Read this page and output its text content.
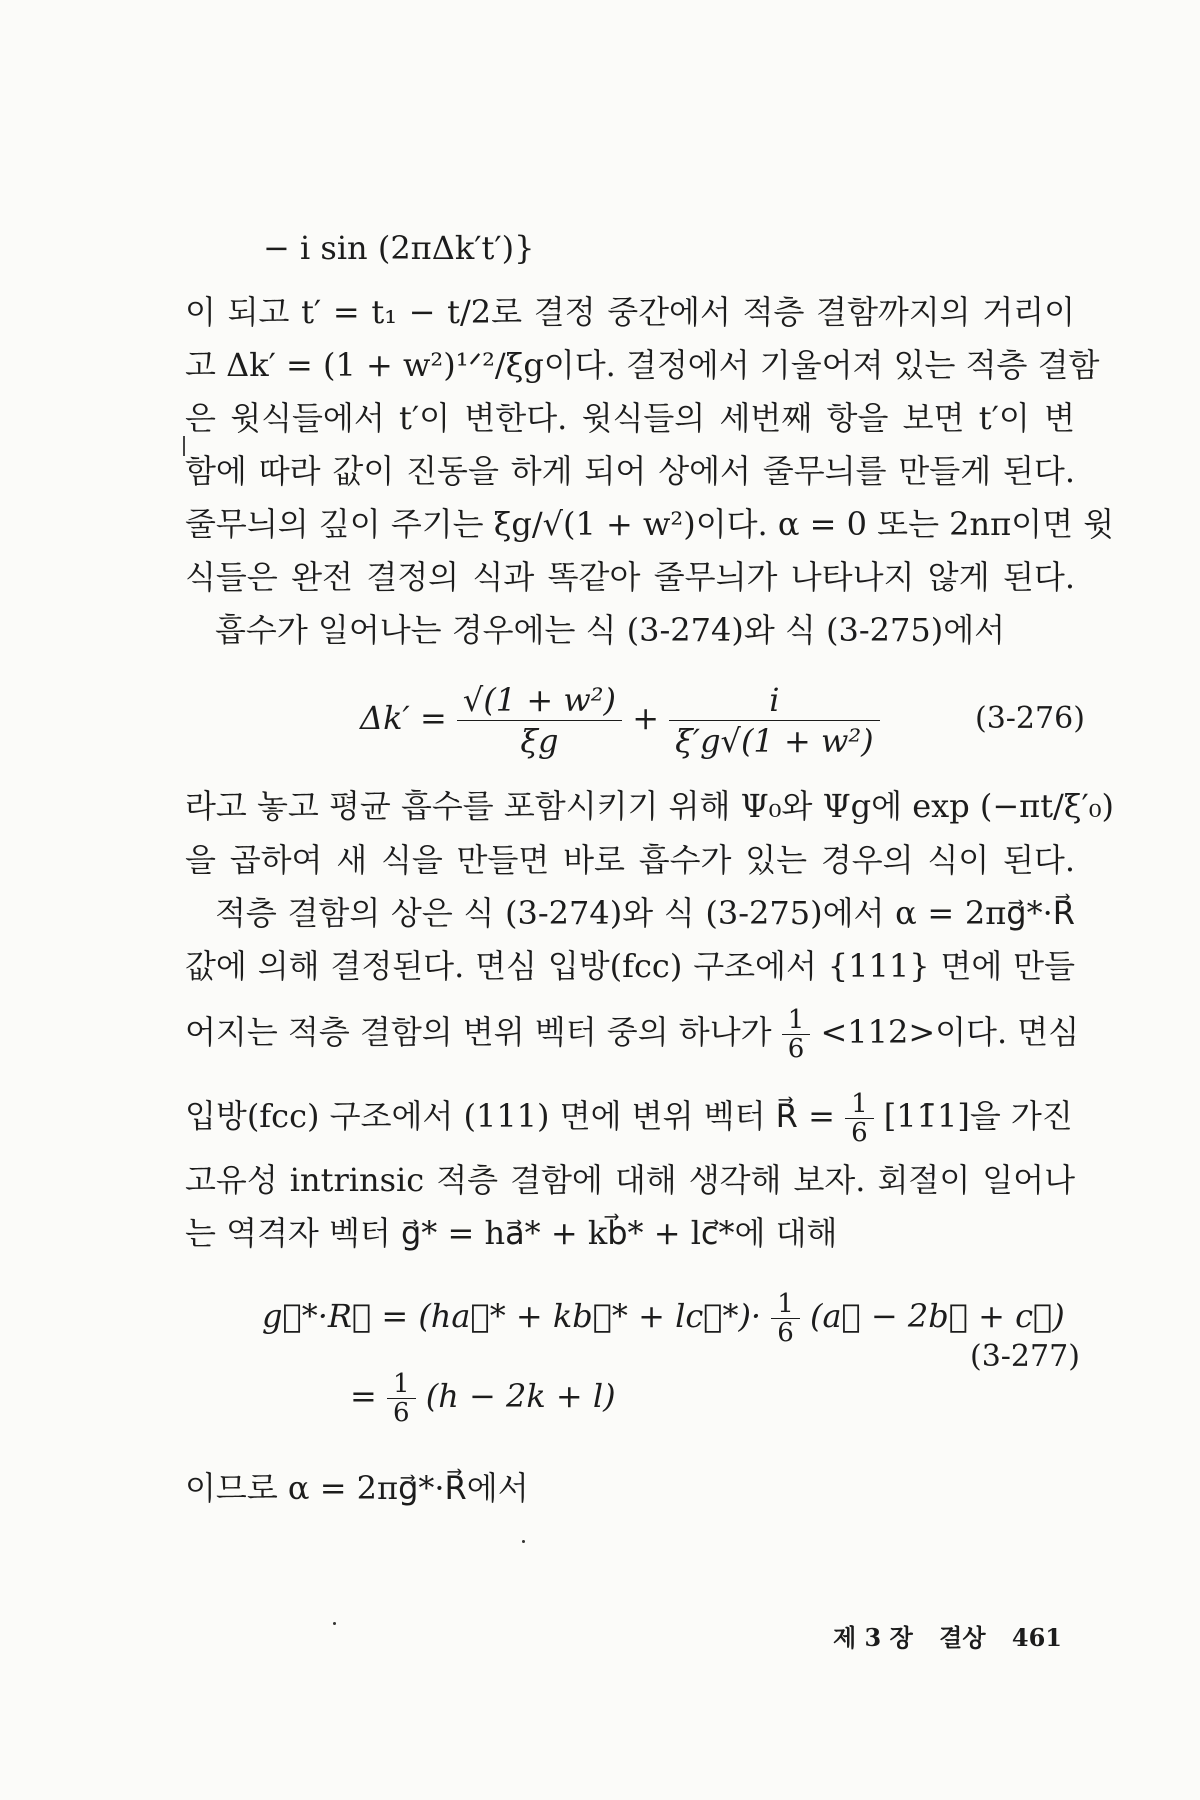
− i sin (2πΔk′t′)}
이 되고 t′ = t₁ − t/2로 결정 중간에서 적층 결함까지의 거리이
고 Δk′ = (1 + w²)¹ᐟ²/ξg이다. 결정에서 기울어져 있는 적층 결함
은 윗식들에서 t′이 변한다. 윗식들의 세번째 항을 보면 t′이 변
함에 따라 값이 진동을 하게 되어 상에서 줄무늬를 만들게 된다.
줄무늬의 깊이 주기는 ξg/√(1 + w²)이다. α = 0 또는 2nπ이면 윗
식들은 완전 결정의 식과 똑같아 줄무늬가 나타나지 않게 된다.
흡수가 일어나는 경우에는 식 (3-274)와 식 (3-275)에서
$\Delta k' = \frac{\text{√(1 + w²)}}{\xi g} + \frac{i}{\text{ξ′g√(1 + w²)}}$	(3-276)
라고 놓고 평균 흡수를 포함시키기 위해 Ψ₀와 Ψg에 exp (−πt/ξ′₀)
을 곱하여 새 식을 만들면 바로 흡수가 있는 경우의 식이 된다.
적층 결함의 상은 식 (3-274)와 식 (3-275)에서 α = 2πg⃗*·R⃗
값에 의해 결정된다. 면심 입방(fcc) 구조에서 {111} 면에 만들
어지는 적층 결함의 변위 벡터 중의 하나가 $\frac{1}{6} <112>$이다. 면심
입방(fcc) 구조에서 (111) 면에 변위 벡터 R⃗ = $\frac{1}{6}$ [11̄1]을 가진
고유성 intrinsic 적층 결함에 대해 생각해 보자. 회절이 일어나
는 역격자 벡터 g⃗* = ha⃗* + kb⃗* + lc⃗*에 대해
g⃗*·R⃗ = (ha⃗* + kb⃗* + lc⃗*)· $\frac{1}{6}$ (a⃗ − 2b⃗ + c⃗)
= $\frac{1}{6} (h - 2k + l)$
(3-277)
이므로 α = 2πg⃗*·R⃗에서
제 3 장 결상 461
